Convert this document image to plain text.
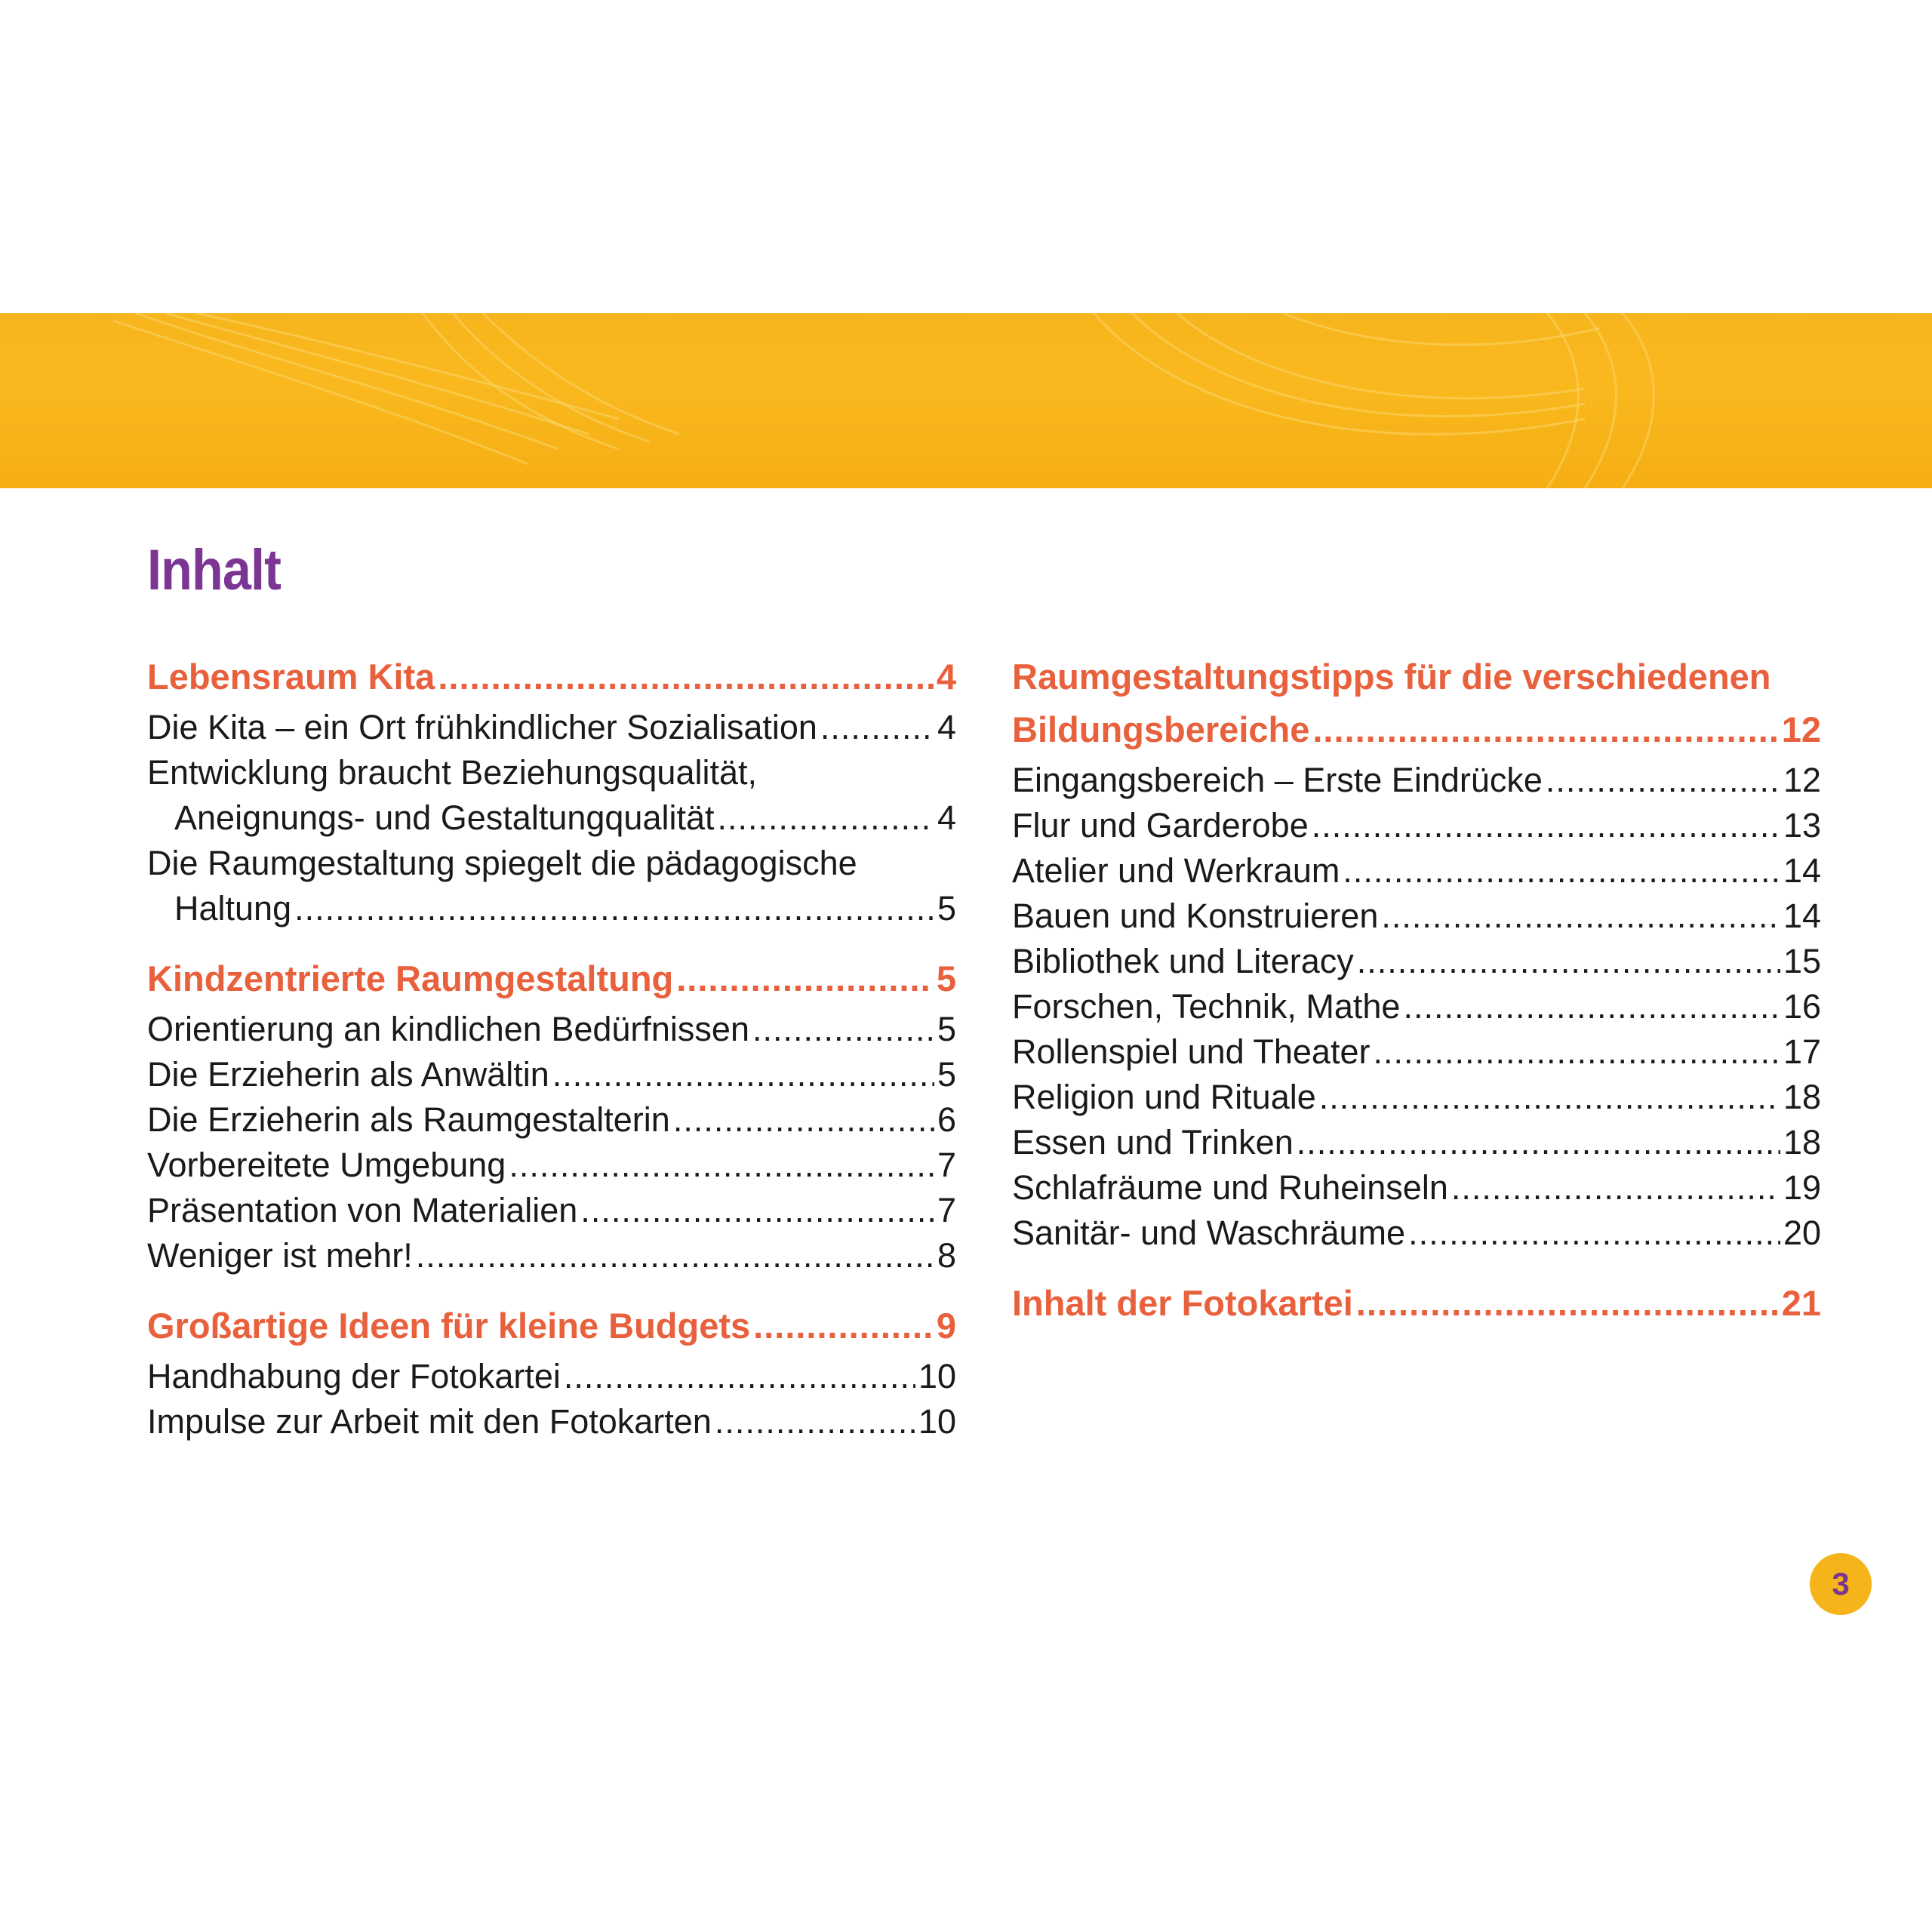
Inhalt
Lebensraum Kita .....	4
Die Kita – ein Ort frühkindlicher Sozialisation .....	4
Entwicklung braucht Beziehungsqualität,
Aneignungs- und Gestaltungqualität .....	4
Die Raumgestaltung spiegelt die pädagogische
Haltung .....	5
Kindzentrierte Raumgestaltung .....	5
Orientierung an kindlichen Bedürfnissen .....	5
Die Erzieherin als Anwältin .....	5
Die Erzieherin als Raumgestalterin .....	6
Vorbereitete Umgebung .....	7
Präsentation von Materialien .....	7
Weniger ist mehr! .....	8
Großartige Ideen für kleine Budgets .....	9
Handhabung der Fotokartei .....	10
Impulse zur Arbeit mit den Fotokarten .....	10
Raumgestaltungstipps für die verschiedenen
Bildungsbereiche .....	12
Eingangsbereich – Erste Eindrücke .....	12
Flur und Garderobe .....	13
Atelier und Werkraum .....	14
Bauen und Konstruieren .....	14
Bibliothek und Literacy .....	15
Forschen, Technik, Mathe .....	16
Rollenspiel und Theater .....	17
Religion und Rituale .....	18
Essen und Trinken .....	18
Schlafräume und Ruheinseln .....	19
Sanitär- und Waschräume .....	20
Inhalt der Fotokartei .....	21
3
